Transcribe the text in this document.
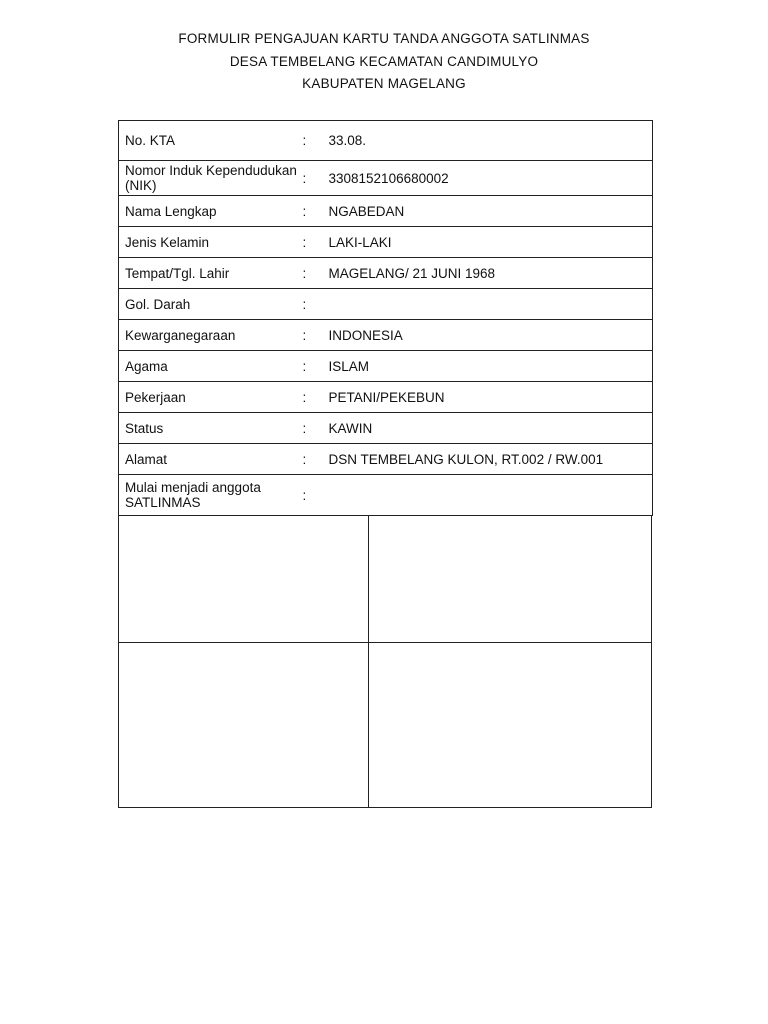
FORMULIR PENGAJUAN KARTU TANDA ANGGOTA SATLINMAS
DESA TEMBELANG KECAMATAN CANDIMULYO
KABUPATEN MAGELANG
No. KTA	:	33.08.
Nomor Induk Kependudukan (NIK)	:	3308152106680002
Nama Lengkap	:	NGABEDAN
Jenis Kelamin	:	LAKI-LAKI
Tempat/Tgl. Lahir	:	MAGELANG/ 21 JUNI 1968
Gol. Darah	:	
Kewarganegaraan	:	INDONESIA
Agama	:	ISLAM
Pekerjaan	:	PETANI/PEKEBUN
Status	:	KAWIN
Alamat	:	DSN TEMBELANG KULON, RT.002 / RW.001
Mulai menjadi anggota SATLINMAS	:	
